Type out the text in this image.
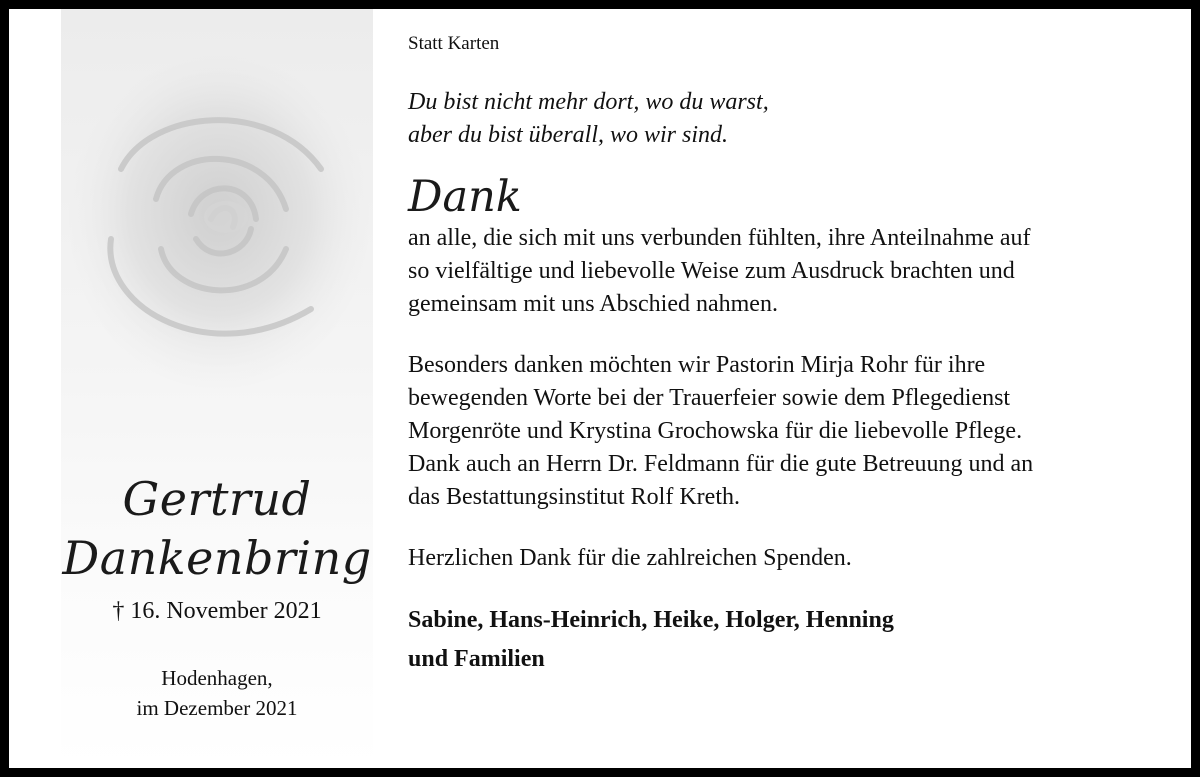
Gertrud
Dankenbring
† 16. November 2021
Hodenhagen,
im Dezember 2021

Statt Karten

Du bist nicht mehr dort, wo du warst,
aber du bist überall, wo wir sind.
Dank
an alle, die sich mit uns verbunden fühlten, ihre Anteilnahme auf
so vielfältige und liebevolle Weise zum Ausdruck brachten und
gemeinsam mit uns Abschied nahmen.
Besonders danken möchten wir Pastorin Mirja Rohr für ihre
bewegenden Worte bei der Trauerfeier sowie dem Pflegedienst
Morgenröte und Krystina Grochowska für die liebevolle Pflege.
Dank auch an Herrn Dr. Feldmann für die gute Betreuung und an
das Bestattungsinstitut Rolf Kreth.
Herzlichen Dank für die zahlreichen Spenden.
Sabine, Hans-Heinrich, Heike, Holger, Henning
und Familien
